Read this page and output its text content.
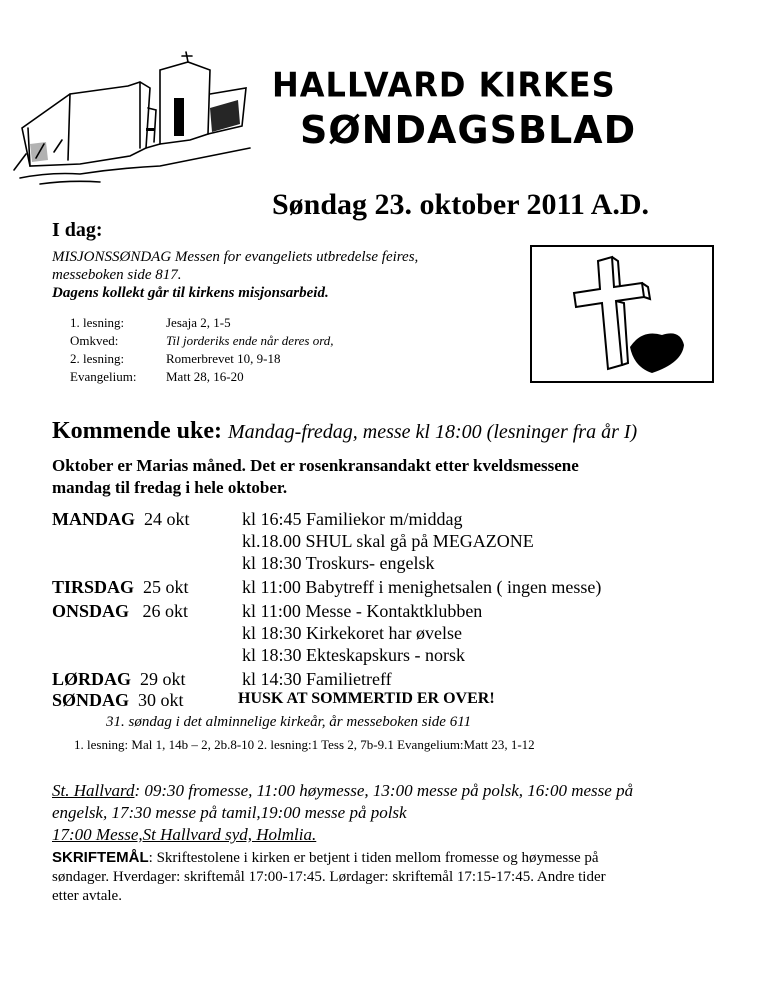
HALLVARD KIRKES
SØNDAGSBLAD
Søndag 23. oktober 2011 A.D.
I dag:
MISJONSSØNDAG Messen for evangeliets utbredelse feires,
messeboken side 817.
Dagens kollekt går til kirkens misjonsarbeid.
1. lesning:	Jesaja 2, 1-5
Omkved:	Til jorderiks ende når deres ord,
2. lesning:	Romerbrevet 10, 9-18
Evangelium:	Matt 28, 16-20
Kommende uke: Mandag-fredag, messe kl 18:00 (lesninger fra år I)
Oktober er Marias måned. Det er rosenkransandakt etter kveldsmessene
mandag til fredag i hele oktober.
MANDAG 24 okt	kl 16:45 Familiekor m/middag
kl.18.00 SHUL skal gå på MEGAZONE
kl 18:30 Troskurs- engelsk
TIRSDAG 25 okt	kl 11:00 Babytreff i menighetsalen ( ingen messe)
ONSDAG 26 okt	kl 11:00 Messe - Kontaktklubben
kl 18:30 Kirkekoret har øvelse
kl 18:30 Ekteskapskurs - norsk
LØRDAG 29 okt	kl 14:30 Familietreff
SØNDAG 30 okt	HUSK AT SOMMERTID ER OVER!
31. søndag i det alminnelige kirkeår, år messeboken side 611
1. lesning: Mal 1, 14b – 2, 2b.8-10 2. lesning:1 Tess 2, 7b-9.1 Evangelium:Matt 23, 1-12
St. Hallvard: 09:30 fromesse, 11:00 høymesse, 13:00 messe på polsk, 16:00 messe på
engelsk, 17:30 messe på tamil,19:00 messe på polsk
17:00 Messe,St Hallvard syd, Holmlia.
SKRIFTEMÅL: Skriftestolene i kirken er betjent i tiden mellom fromesse og høymesse på
søndager. Hverdager: skriftemål 17:00-17:45. Lørdager: skriftemål 17:15-17:45. Andre tider
etter avtale.
